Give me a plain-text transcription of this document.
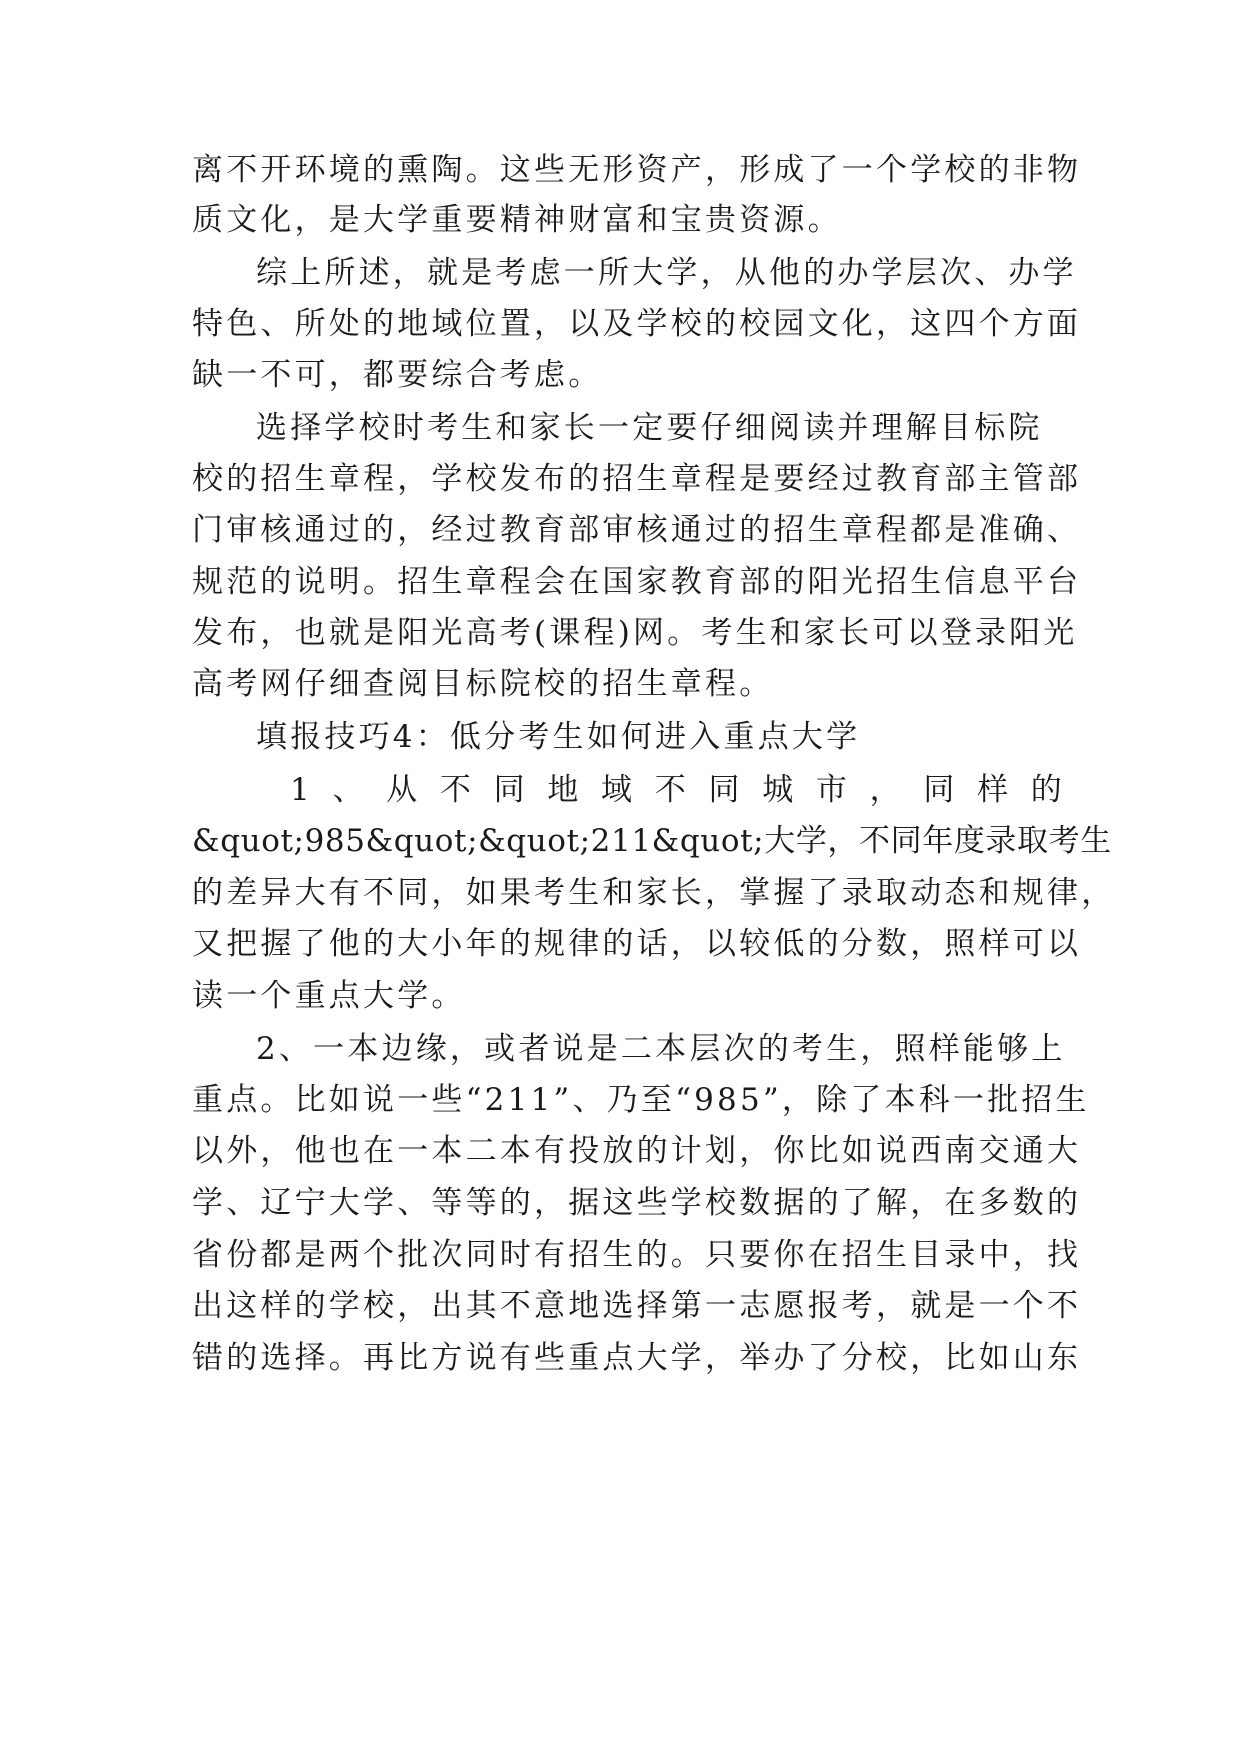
离不开环境的熏陶。这些无形资产，形成了一个学校的非物
质文化，是大学重要精神财富和宝贵资源。
综上所述，就是考虑一所大学，从他的办学层次、办学
特色、所处的地域位置，以及学校的校园文化，这四个方面
缺一不可，都要综合考虑。
选择学校时考生和家长一定要仔细阅读并理解目标院
校的招生章程，学校发布的招生章程是要经过教育部主管部
门审核通过的，经过教育部审核通过的招生章程都是准确、
规范的说明。招生章程会在国家教育部的阳光招生信息平台
发布，也就是阳光高考(课程)网。考生和家长可以登录阳光
高考网仔细查阅目标院校的招生章程。
填报技巧4：低分考生如何进入重点大学
1 、 从 不 同 地 域 不 同 城 市 ， 同 样 的
&quot;985&quot;&quot;211&quot;大学，不同年度录取考生
的差异大有不同，如果考生和家长，掌握了录取动态和规律，
又把握了他的大小年的规律的话，以较低的分数，照样可以
读一个重点大学。
2、一本边缘，或者说是二本层次的考生，照样能够上
重点。比如说一些“211”、乃至“985”，除了本科一批招生
以外，他也在一本二本有投放的计划，你比如说西南交通大
学、辽宁大学、等等的，据这些学校数据的了解，在多数的
省份都是两个批次同时有招生的。只要你在招生目录中，找
出这样的学校，出其不意地选择第一志愿报考，就是一个不
错的选择。再比方说有些重点大学，举办了分校，比如山东
